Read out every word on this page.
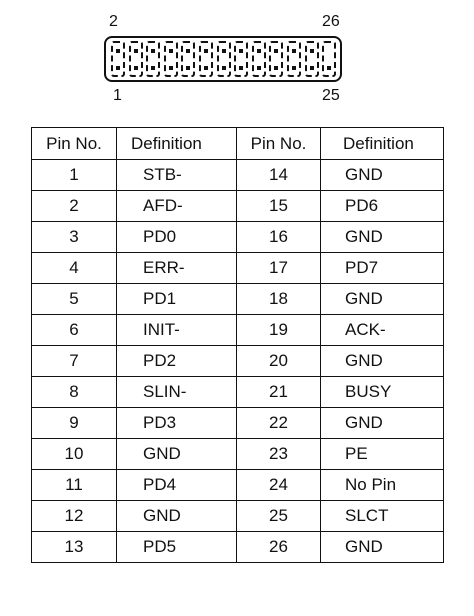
2	26
1	25
Pin No.	Definition	Pin No.	Definition
1	STB-	14	GND
2	AFD-	15	PD6
3	PD0	16	GND
4	ERR-	17	PD7
5	PD1	18	GND
6	INIT-	19	ACK-
7	PD2	20	GND
8	SLIN-	21	BUSY
9	PD3	22	GND
10	GND	23	PE
11	PD4	24	No Pin
12	GND	25	SLCT
13	PD5	26	GND
